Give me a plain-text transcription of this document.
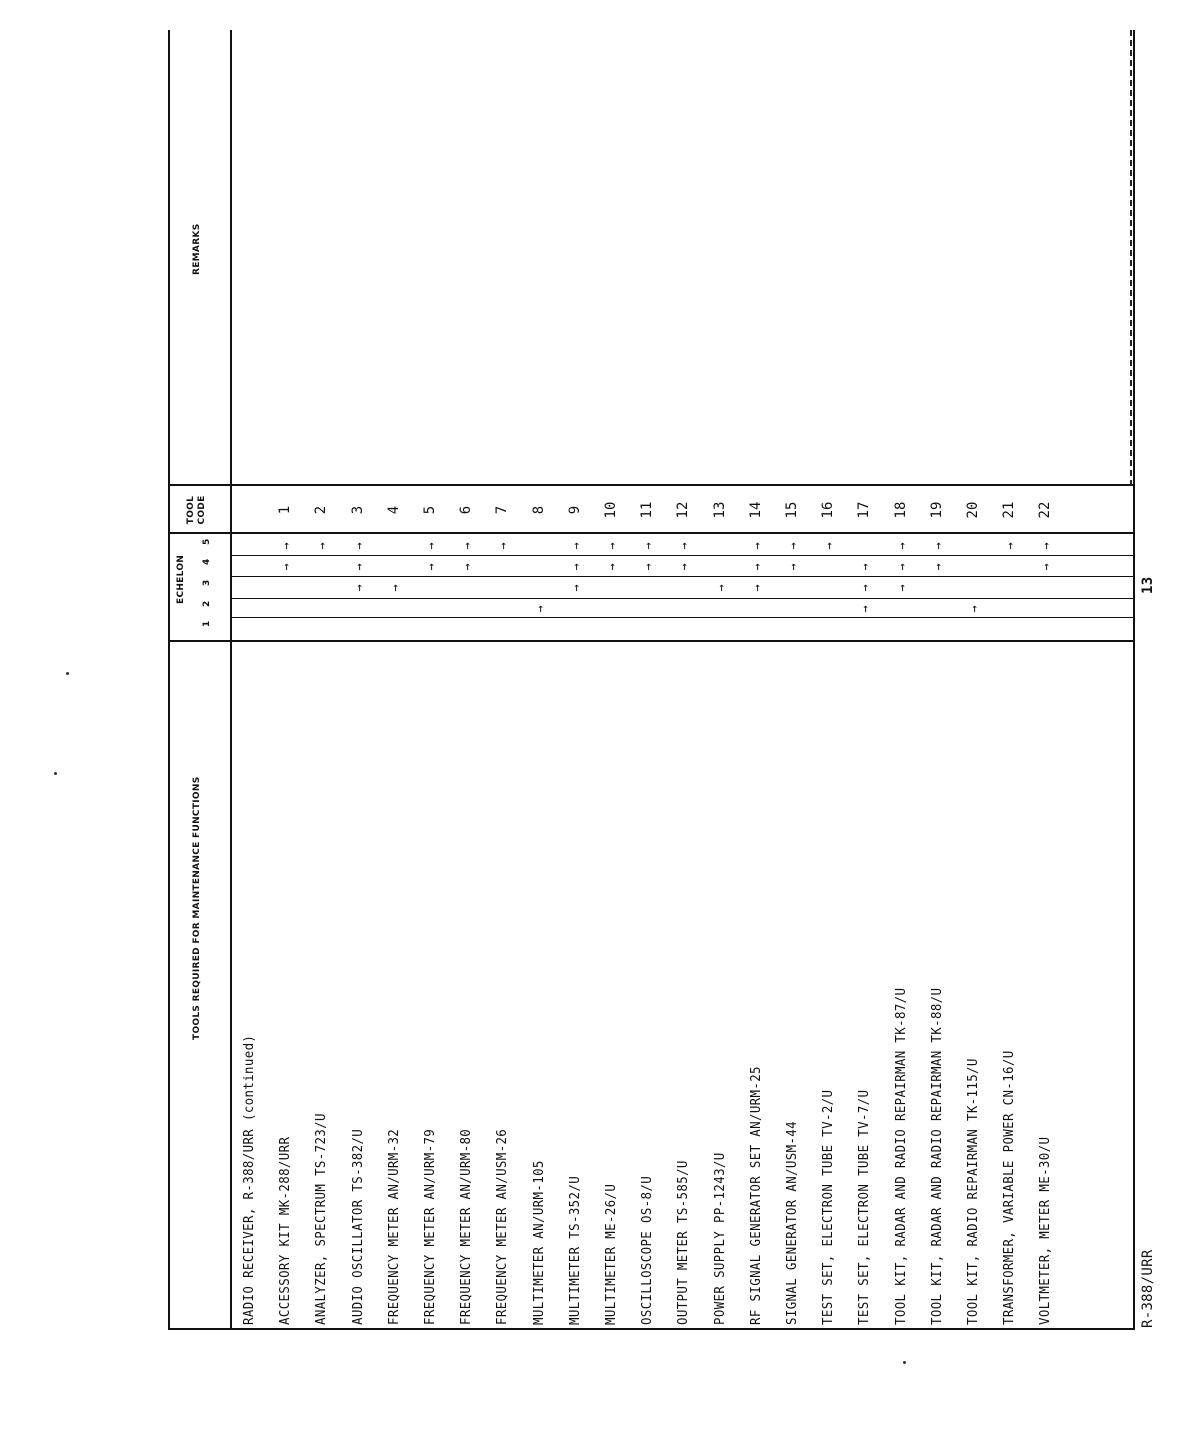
TOOLS REQUIRED FOR MAINTENANCE FUNCTIONS
ECHELON
1
2
3
4
5
TOOL CODE
REMARKS
RADIO RECEIVER, R-388/URR (continued) ACCESSORY KIT MK-288/URR
1
→
→
ANALYZER, SPECTRUM TS-723/U
2
→
AUDIO OSCILLATOR TS-382/U
3
→
→
→
FREQUENCY METER AN/URM-32
4
→
FREQUENCY METER AN/URM-79
5
→
→
FREQUENCY METER AN/URM-80
6
→
→
FREQUENCY METER AN/USM-26
7
→
MULTIMETER AN/URM-105
8
→
MULTIMETER TS-352/U
9
→
→
→
MULTIMETER ME-26/U
10
→
→
OSCILLOSCOPE OS-8/U
11
→
→
OUTPUT METER TS-585/U
12
→
→
POWER SUPPLY PP-1243/U
13
→
RF SIGNAL GENERATOR SET AN/URM-25
14
→
→
→
SIGNAL GENERATOR AN/USM-44
15
→
→
TEST SET, ELECTRON TUBE TV-2/U
16
→
TEST SET, ELECTRON TUBE TV-7/U
17
→
→
→
TOOL KIT, RADAR AND RADIO REPAIRMAN TK-87/U
18
→
→
→
TOOL KIT, RADAR AND RADIO REPAIRMAN TK-88/U
19
→
→
TOOL KIT, RADIO REPAIRMAN TK-115/U
20
→
TRANSFORMER, VARIABLE POWER CN-16/U
21
→
VOLTMETER, METER ME-30/U
22
→
→
R-388/URR
13
